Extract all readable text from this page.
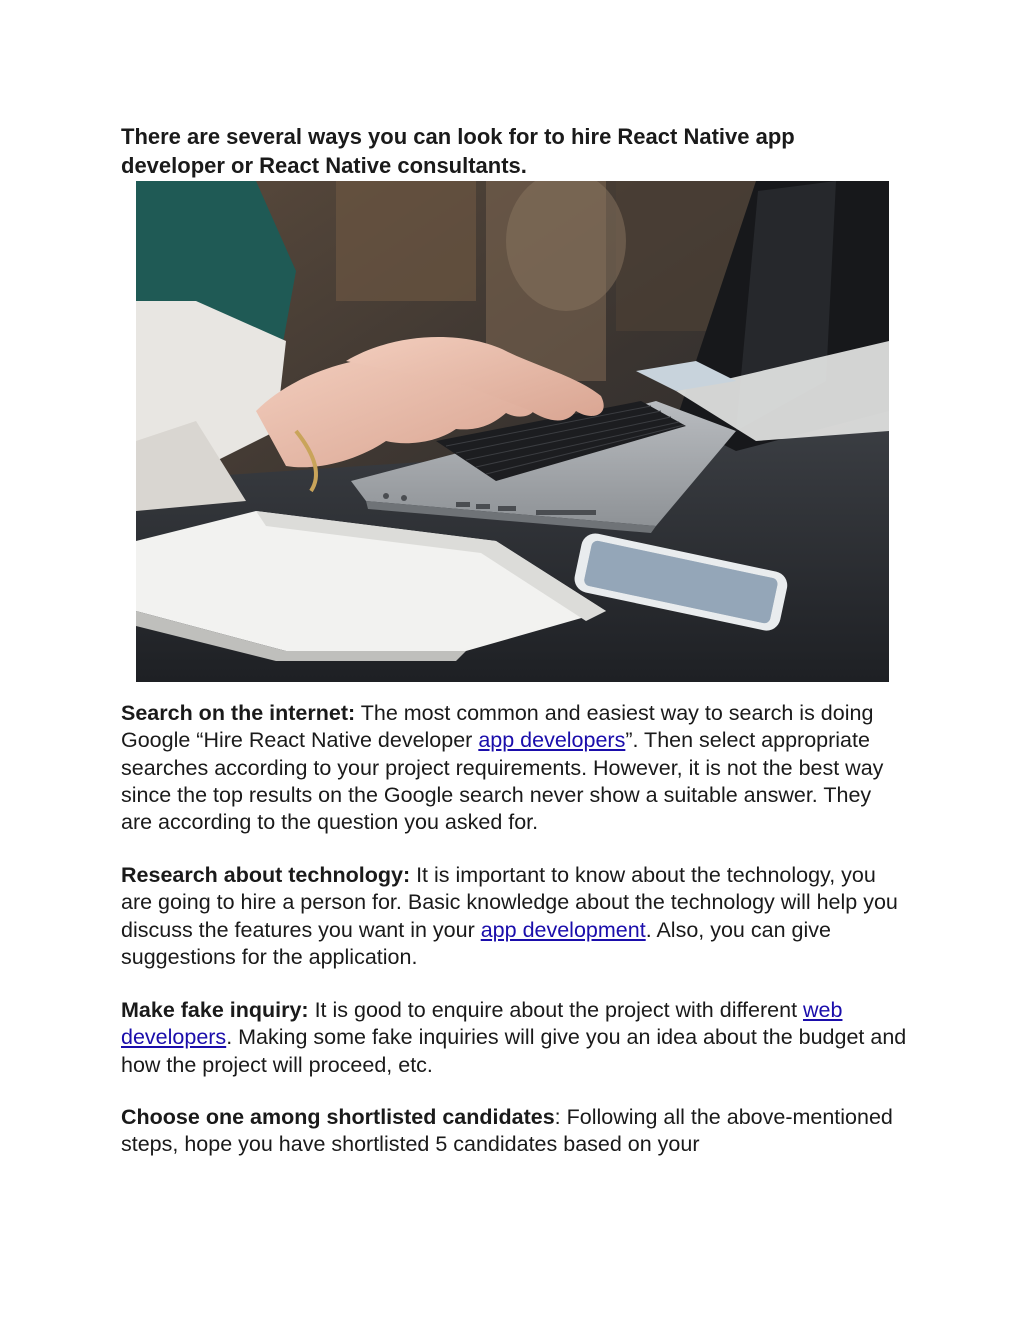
There are several ways you can look for to hire React Native app developer or React Native consultants.

Search on the internet: The most common and easiest way to search is doing Google “Hire React Native developer app developers”. Then select appropriate searches according to your project requirements. However, it is not the best way since the top results on the Google search never show a suitable answer. They are according to the question you asked for.

Research about technology: It is important to know about the technology, you are going to hire a person for. Basic knowledge about the technology will help you discuss the features you want in your app development. Also, you can give suggestions for the application.

Make fake inquiry: It is good to enquire about the project with different web developers. Making some fake inquiries will give you an idea about the budget and how the project will proceed, etc.

Choose one among shortlisted candidates: Following all the above-mentioned steps, hope you have shortlisted 5 candidates based on your
